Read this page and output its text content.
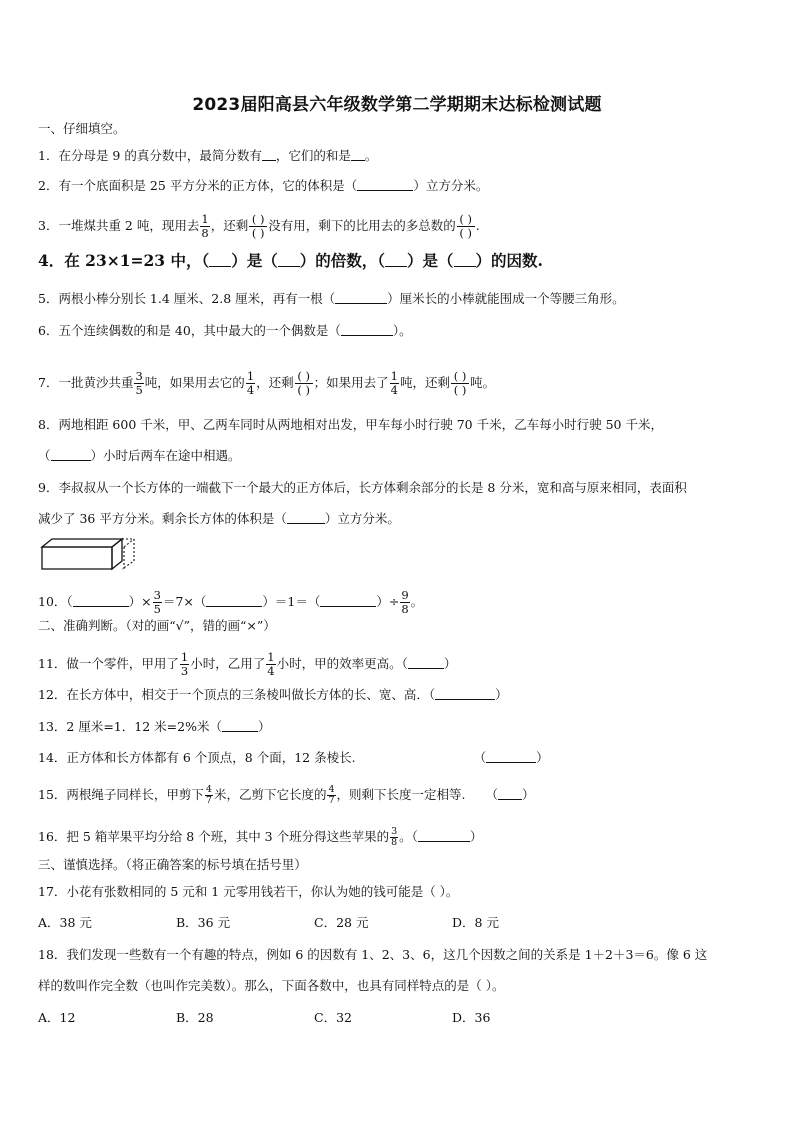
2023届阳高县六年级数学第二学期期末达标检测试题
一、仔细填空。
1．在分母是 9 的真分数中，最简分数有 ，它们的和是 。
2．有一个底面积是 25 平方分米的正方体，它的体积是（	）立方分米。
3．一堆煤共重 2 吨，现用去 $\frac{1}{8}$ ，还剩 $\frac{( )}{( )}$ 没有用，剩下的比用去的多总数的 $\frac{( )}{( )}$ .
4．在 23×1=23 中，（ ）是（ ）的倍数，（ ）是（ ）的因数.
5．两根小棒分别长 1.4 厘米、2.8 厘米，再有一根（	）厘米长的小棒就能围成一个等腰三角形。
6．五个连续偶数的和是 40，其中最大的一个偶数是（	）。
7．一批黄沙共重 $\frac{3}{5}$ 吨，如果用去它的 $\frac{1}{4}$ ，还剩 $\frac{( )}{( )}$ ；如果用去了 $\frac{1}{4}$ 吨，还剩 $\frac{( )}{( )}$ 吨。
8．两地相距 600 千米，甲、乙两车同时从两地相对出发，甲车每小时行驶 70 千米，乙车每小时行驶 50 千米，
（	）小时后两车在途中相遇。
9．李叔叔从一个长方体的一端截下一个最大的正方体后，长方体剩余部分的长是 8 分米，宽和高与原来相同，表面积
减少了 36 平方分米。剩余长方体的体积是（	）立方分米。
10．（	）× $\frac{3}{5} =7\times$（	）＝1＝（	）÷ $\frac{9}{8}$ 。
二、准确判断。（对的画“√”，错的画“×”）
11．做一个零件，甲用了 $\frac{1}{3}$ 小时，乙用了 $\frac{1}{4}$ 小时，甲的效率更高。（	）
12．在长方体中，相交于一个顶点的三条棱叫做长方体的长、宽、高．（	）
13．2 厘米=1．12 米=2%米（	）
14．正方体和长方体都有 6 个顶点，8 个面，12 条棱长.	（	）
15．两根绳子同样长，甲剪下 $\frac{4}{7}$ 米，乙剪下它长度的 $\frac{4}{7}$ ，则剩下长度一定相等. （ ）
16．把 5 箱苹果平均分给 8 个班，其中 3 个班分得这些苹果的 $\frac{3}{8}$ 。（	）
三、谨慎选择。（将正确答案的标号填在括号里）
17．小花有张数相同的 5 元和 1 元零用钱若干，你认为她的钱可能是（ ）。
A．38 元	B．36 元	C．28 元	D．8 元
18．我们发现一些数有一个有趣的特点，例如 6 的因数有 1、2、3、6，这几个因数之间的关系是 1＋2＋3＝6。像 6 这
样的数叫作完全数（也叫作完美数）。那么，下面各数中，也具有同样特点的是（ ）。
A．12	B．28	C．32	D．36
